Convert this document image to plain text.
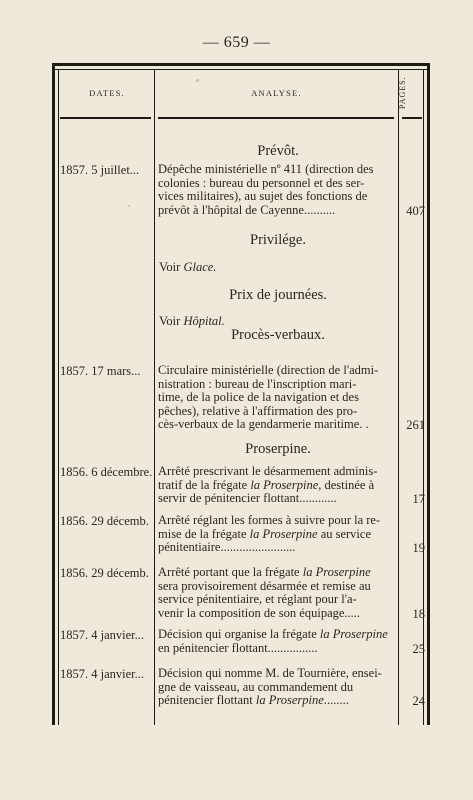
— 659 —
DATES.	ANALYSE.	PAGES.
Prévôt.
1857. 5 juillet...	Dépêche ministérielle nº 411 (direction des
colonies : bureau du personnel et des ser-
vices militaires), au sujet des fonctions de
prévôt à l'hôpital de Cayenne..........	407
Privilége.
Voir Glace.
Prix de journées.
Voir Hôpital.
Procès-verbaux.
1857. 17 mars...	Circulaire ministérielle (direction de l'admi-
nistration : bureau de l'inscription mari-
time, de la police de la navigation et des
pêches), relative à l'affirmation des pro-
cès-verbaux de la gendarmerie maritime. .	261
Proserpine.
1856. 6 décembre. Arrêté prescrivant le désarmement adminis-
tratif de la frégate la Proserpine, destinée à
servir de pénitencier flottant............	17
1856. 29 décemb. Arrêté réglant les formes à suivre pour la re-
mise de la frégate la Proserpine au service
pénitentiaire........................	19
1856. 29 décemb. Arrêté portant que la frégate la Proserpine
sera provisoirement désarmée et remise au
service pénitentiaire, et réglant pour l'a-
venir la composition de son équipage.....	18
1857. 4 janvier...	Décision qui organise la frégate la Proserpine
en pénitencier flottant................	25
1857. 4 janvier...	Décision qui nomme M. de Tournière, ensei-
gne de vaisseau, au commandement du
pénitencier flottant la Proserpine........	24
